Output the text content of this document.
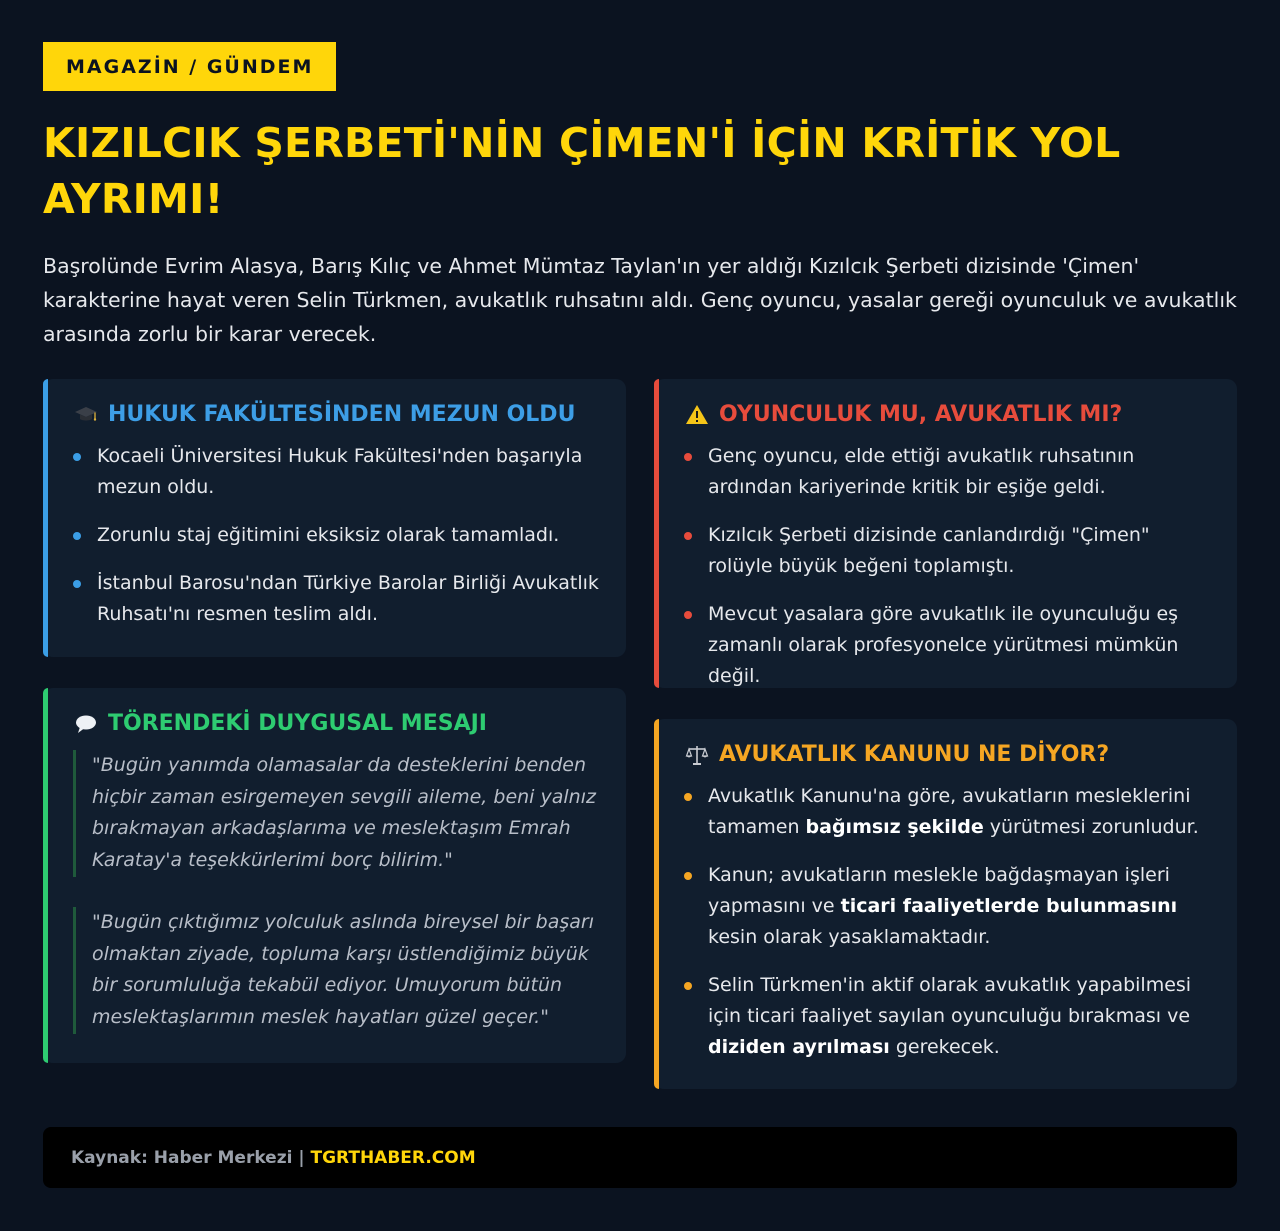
MAGAZİN / GÜNDEM
KIZILCIK ŞERBETİ'NİN ÇİMEN'İ İÇİN KRİTİK YOL AYRIMI!

Başrolünde Evrim Alasya, Barış Kılıç ve Ahmet Mümtaz Taylan'ın yer aldığı Kızılcık Şerbeti dizisinde 'Çimen' karakterine hayat veren Selin Türkmen, avukatlık ruhsatını aldı. Genç oyuncu, yasalar gereği oyunculuk ve avukatlık arasında zorlu bir karar verecek.

HUKUK FAKÜLTESİNDEN MEZUN OLDU
Kocaeli Üniversitesi Hukuk Fakültesi'nden başarıyla mezun oldu.
Zorunlu staj eğitimini eksiksiz olarak tamamladı.
İstanbul Barosu'ndan Türkiye Barolar Birliği Avukatlık Ruhsatı'nı resmen teslim aldı.
TÖRENDEKİ DUYGUSAL MESAJI
"Bugün yanımda olamasalar da desteklerini benden hiçbir zaman esirgemeyen sevgili aileme, beni yalnız bırakmayan arkadaşlarıma ve meslektaşım Emrah Karatay'a teşekkürlerimi borç bilirim."
"Bugün çıktığımız yolculuk aslında bireysel bir başarı olmaktan ziyade, topluma karşı üstlendiğimiz büyük bir sorumluluğa tekabül ediyor. Umuyorum bütün meslektaşlarımın meslek hayatları güzel geçer."
OYUNCULUK MU, AVUKATLIK MI?
Genç oyuncu, elde ettiği avukatlık ruhsatının ardından kariyerinde kritik bir eşiğe geldi.
Kızılcık Şerbeti dizisinde canlandırdığı "Çimen" rolüyle büyük beğeni toplamıştı.
Mevcut yasalara göre avukatlık ile oyunculuğu eş zamanlı olarak profesyonelce yürütmesi mümkün değil.
AVUKATLIK KANUNU NE DİYOR?
Avukatlık Kanunu'na göre, avukatların mesleklerini tamamen bağımsız şekilde yürütmesi zorunludur.
Kanun; avukatların meslekle bağdaşmayan işleri yapmasını ve ticari faaliyetlerde bulunmasını kesin olarak yasaklamaktadır.
Selin Türkmen'in aktif olarak avukatlık yapabilmesi için ticari faaliyet sayılan oyunculuğu bırakması ve diziden ayrılması gerekecek.
Kaynak: Haber Merkezi | TGRTHABER.COM
